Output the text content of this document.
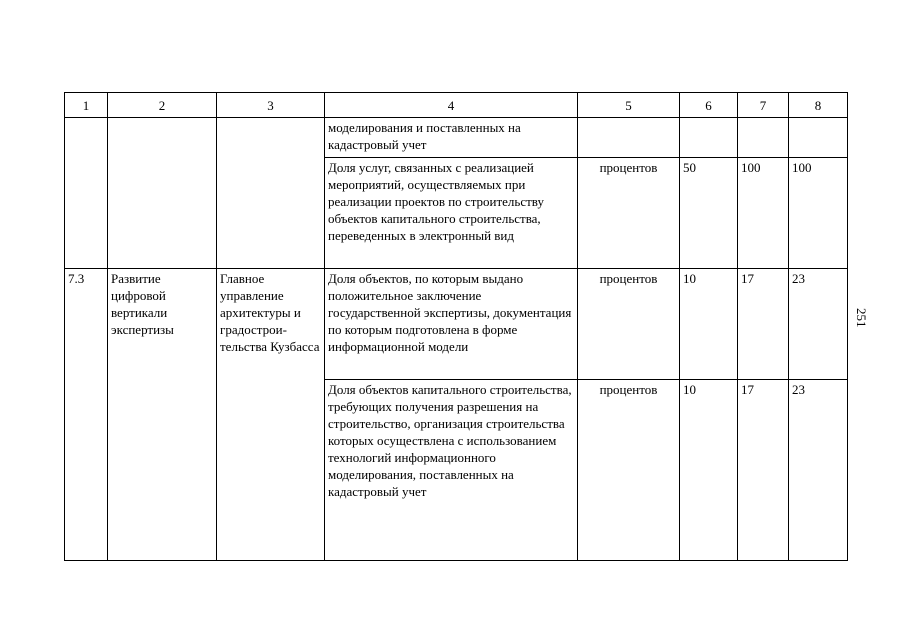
1	2	3	4	5	6	7	8
			моделирования и поставленных на кадастровый учет				
			Доля услуг, связанных с реализацией мероприятий, осуществляемых при реализации проектов по строительству объектов капитального строительства, переведенных в электронный вид	процентов	50	100	100
7.3	Развитие цифровой вертикали экспертизы	Главное управление архитектуры и градострои-тельства Кузбасса	Доля объектов, по которым выдано положительное заключение государственной экспертизы, документация по которым подготовлена в форме информационной модели	процентов	10	17	23
			Доля объектов капитального строительства, требующих получения разрешения на строительство, организация строительства которых осуществлена с использованием технологий информационного моделирования, поставленных на кадастровый учет	процентов	10	17	23
251
